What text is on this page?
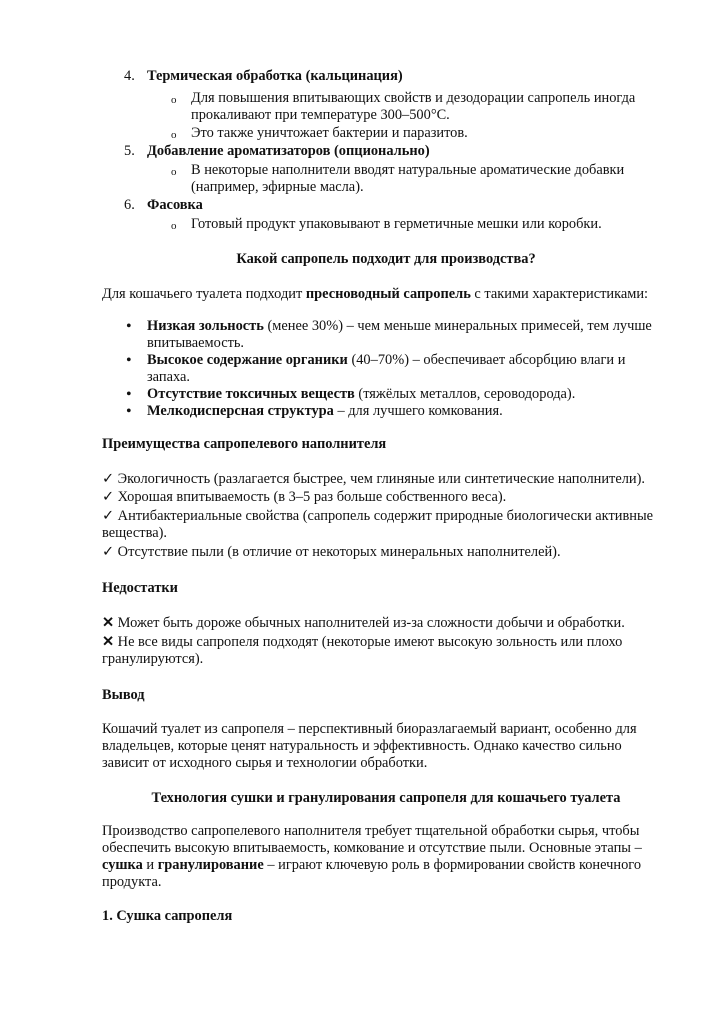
4. Термическая обработка (кальцинация)
o Для повышения впитывающих свойств и дезодорации сапропель иногда прокаливают при температуре 300–500°C.
o Это также уничтожает бактерии и паразитов.
5. Добавление ароматизаторов (опционально)
o В некоторые наполнители вводят натуральные ароматические добавки (например, эфирные масла).
6. Фасовка
o Готовый продукт упаковывают в герметичные мешки или коробки.
Какой сапропель подходит для производства?
Для кошачьего туалета подходит пресноводный сапропель с такими характеристиками:
• Низкая зольность (менее 30%) – чем меньше минеральных примесей, тем лучше впитываемость.
• Высокое содержание органики (40–70%) – обеспечивает абсорбцию влаги и запаха.
• Отсутствие токсичных веществ (тяжёлых металлов, сероводорода).
• Мелкодисперсная структура – для лучшего комкования.
Преимущества сапропелевого наполнителя
✓ Экологичность (разлагается быстрее, чем глиняные или синтетические наполнители).
✓ Хорошая впитываемость (в 3–5 раз больше собственного веса).
✓ Антибактериальные свойства (сапропель содержит природные биологически активные вещества).
✓ Отсутствие пыли (в отличие от некоторых минеральных наполнителей).
Недостатки
✕ Может быть дороже обычных наполнителей из-за сложности добычи и обработки.
✕ Не все виды сапропеля подходят (некоторые имеют высокую зольность или плохо гранулируются).
Вывод
Кошачий туалет из сапропеля – перспективный биоразлагаемый вариант, особенно для владельцев, которые ценят натуральность и эффективность. Однако качество сильно зависит от исходного сырья и технологии обработки.
Технология сушки и гранулирования сапропеля для кошачьего туалета
Производство сапропелевого наполнителя требует тщательной обработки сырья, чтобы обеспечить высокую впитываемость, комкование и отсутствие пыли. Основные этапы – сушка и гранулирование – играют ключевую роль в формировании свойств конечного продукта.
1. Сушка сапропеля
